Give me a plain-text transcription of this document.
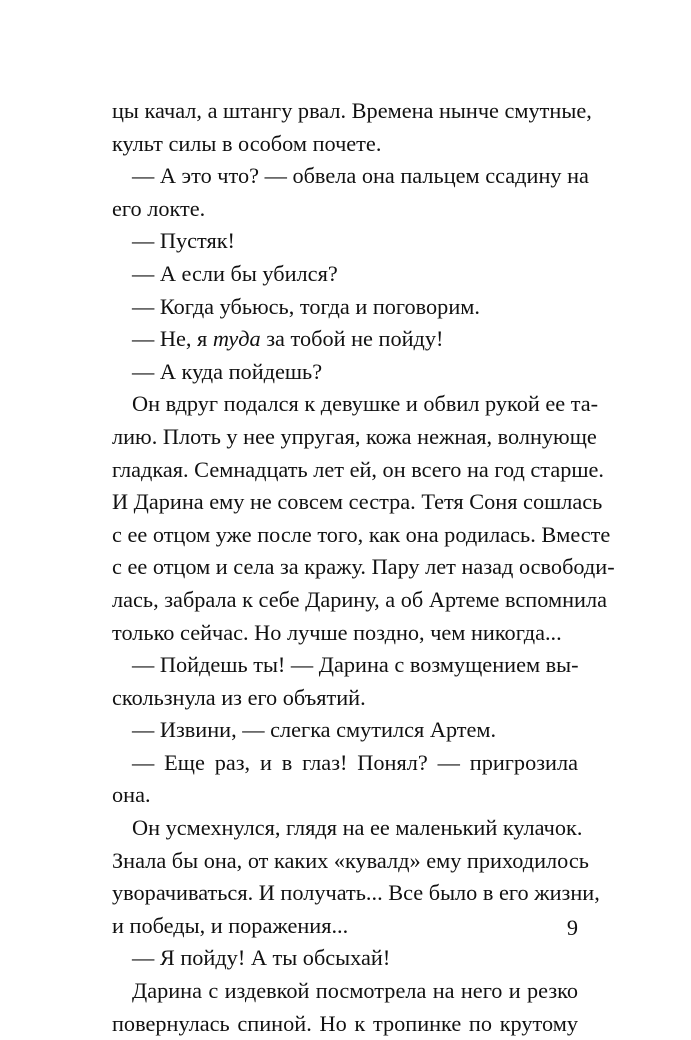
цы качал, а штангу рвал. Времена нынче смутные,
культ силы в особом почете.
— А это что? — обвела она пальцем ссадину на
его локте.
— Пустяк!
— А если бы убился?
— Когда убьюсь, тогда и поговорим.
— Не, я туда за тобой не пойду!
— А куда пойдешь?
Он вдруг подался к девушке и обвил рукой ее та-
лию. Плоть у нее упругая, кожа нежная, волнующе
гладкая. Семнадцать лет ей, он всего на год старше.
И Дарина ему не совсем сестра. Тетя Соня сошлась
с ее отцом уже после того, как она родилась. Вместе
с ее отцом и села за кражу. Пару лет назад освободи-
лась, забрала к себе Дарину, а об Артеме вспомнила
только сейчас. Но лучше поздно, чем никогда...
— Пойдешь ты! — Дарина с возмущением вы-
скользнула из его объятий.
— Извини, — слегка смутился Артем.
— Еще раз, и в глаз! Понял? — пригрозила
она.
Он усмехнулся, глядя на ее маленький кулачок.
Знала бы она, от каких «кувалд» ему приходилось
уворачиваться. И получать... Все было в его жизни,
и победы, и поражения...
— Я пойду! А ты обсыхай!
Дарина с издевкой посмотрела на него и резко
повернулась спиной. Но к тропинке по крутому
9
